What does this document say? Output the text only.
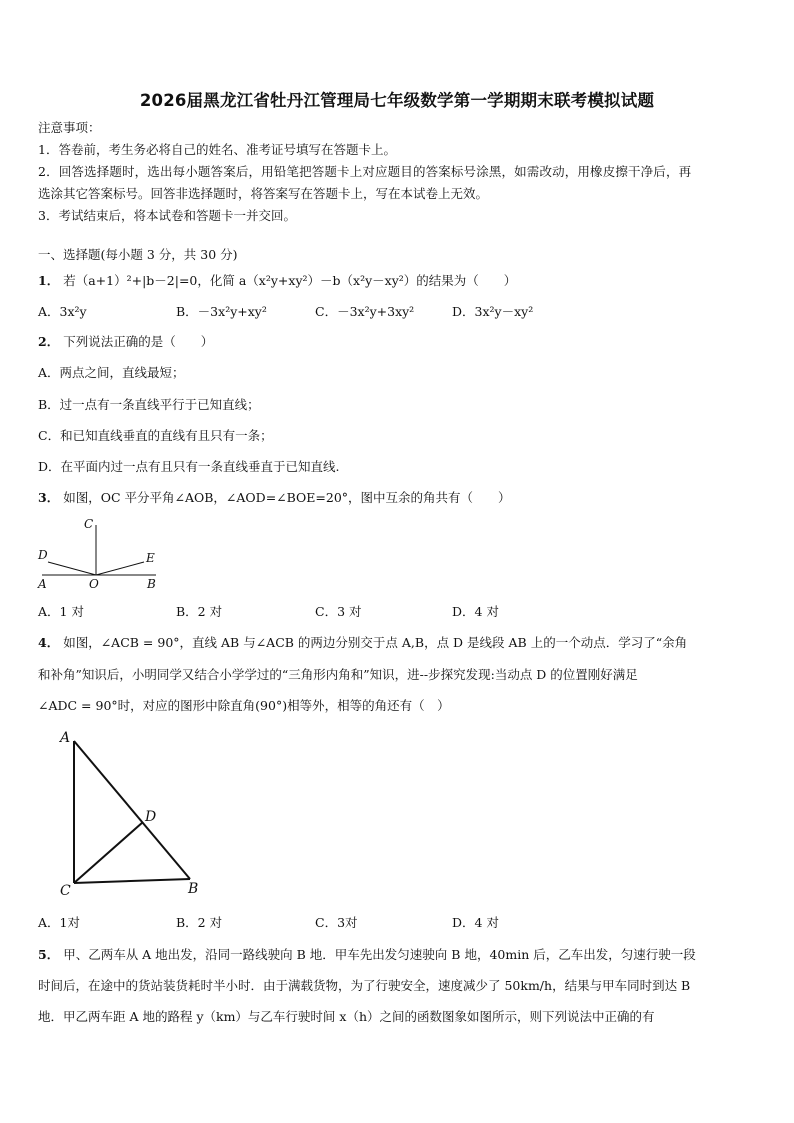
2026届黑龙江省牡丹江管理局七年级数学第一学期期末联考模拟试题
注意事项：
1．答卷前，考生务必将自己的姓名、准考证号填写在答题卡上。
2．回答选择题时，选出每小题答案后，用铅笔把答题卡上对应题目的答案标号涂黑，如需改动，用橡皮擦干净后，再
选涂其它答案标号。回答非选择题时，将答案写在答题卡上，写在本试卷上无效。
3．考试结束后，将本试卷和答题卡一并交回。
一、选择题(每小题 3 分，共 30 分)
1． 若（a+1）²+|b－2|=0，化简 a（x²y+xy²）－b（x²y－xy²）的结果为（　　）
A．3x²y	B．－3x²y+xy²	C．－3x²y+3xy²	D．3x²y－xy²
2． 下列说法正确的是（　　）
A．两点之间，直线最短；
B．过一点有一条直线平行于已知直线；
C．和已知直线垂直的直线有且只有一条；
D．在平面内过一点有且只有一条直线垂直于已知直线.
3． 如图，OC 平分平角∠AOB，∠AOD=∠BOE=20°，图中互余的角共有（　　）
C
D	E
A	O	B
A．1 对	B．2 对	C．3 对	D．4 对
4． 如图，∠ACB = 90°，直线 AB 与∠ACB 的两边分别交于点 A,B，点 D 是线段 AB 上的一个动点．学习了“余角
和补角”知识后，小明同学又结合小学学过的“三角形内角和”知识，进--步探究发现:当动点 D 的位置刚好满足
∠ADC = 90°时，对应的图形中除直角(90°)相等外，相等的角还有（　）
A
D
C	B
A．1对	B．2 对	C．3对	D．4 对
5． 甲、乙两车从 A 地出发，沿同一路线驶向 B 地．甲车先出发匀速驶向 B 地，40min 后，乙车出发，匀速行驶一段
时间后，在途中的货站装货耗时半小时．由于满载货物，为了行驶安全，速度减少了 50km/h，结果与甲车同时到达 B
地．甲乙两车距 A 地的路程 y（km）与乙车行驶时间 x（h）之间的函数图象如图所示，则下列说法中正确的有
